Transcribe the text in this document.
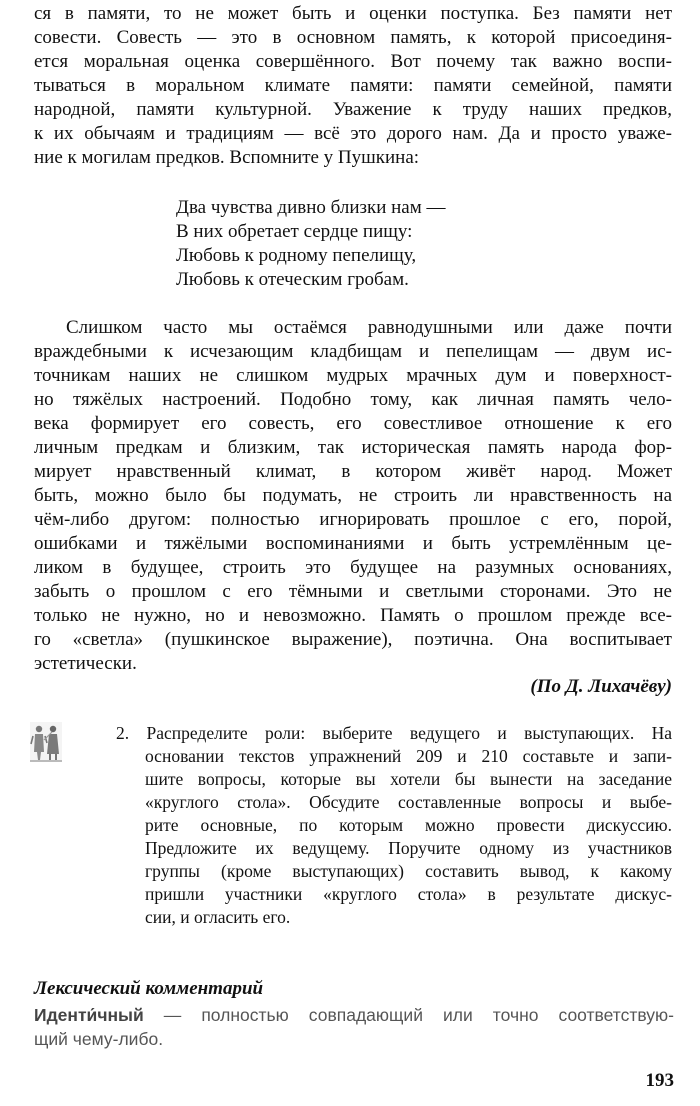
ся в памяти, то не может быть и оценки поступка. Без памяти нет
совести. Совесть — это в основном память, к которой присоединя-
ется моральная оценка совершённого. Вот почему так важно воспи-
тываться в моральном климате памяти: памяти семейной, памяти
народной, памяти культурной. Уважение к труду наших предков,
к их обычаям и традициям — всё это дорого нам. Да и просто уваже-
ние к могилам предков. Вспомните у Пушкина:
Два чувства дивно близки нам —
В них обретает сердце пищу:
Любовь к родному пепелищу,
Любовь к отеческим гробам.
Слишком часто мы остаёмся равнодушными или даже почти
враждебными к исчезающим кладбищам и пепелищам — двум ис-
точникам наших не слишком мудрых мрачных дум и поверхност-
но тяжёлых настроений. Подобно тому, как личная память чело-
века формирует его совесть, его совестливое отношение к его
личным предкам и близким, так историческая память народа фор-
мирует нравственный климат, в котором живёт народ. Может
быть, можно было бы подумать, не строить ли нравственность на
чём-либо другом: полностью игнорировать прошлое с его, порой,
ошибками и тяжёлыми воспоминаниями и быть устремлённым це-
ликом в будущее, строить это будущее на разумных основаниях,
забыть о прошлом с его тёмными и светлыми сторонами. Это не
только не нужно, но и невозможно. Память о прошлом прежде все-
го «светла» (пушкинское выражение), поэтична. Она воспитывает
эстетически.
(По Д. Лихачёву)
2. Распределите роли: выберите ведущего и выступающих. На
основании текстов упражнений 209 и 210 составьте и запи-
шите вопросы, которые вы хотели бы вынести на заседание
«круглого стола». Обсудите составленные вопросы и выбе-
рите основные, по которым можно провести дискуссию.
Предложите их ведущему. Поручите одному из участников
группы (кроме выступающих) составить вывод, к какому
пришли участники «круглого стола» в результате дискус-
сии, и огласить его.
Лексический комментарий
Иденти́чный — полностью совпадающий или точно соответствую-
щий чему-либо.
193
